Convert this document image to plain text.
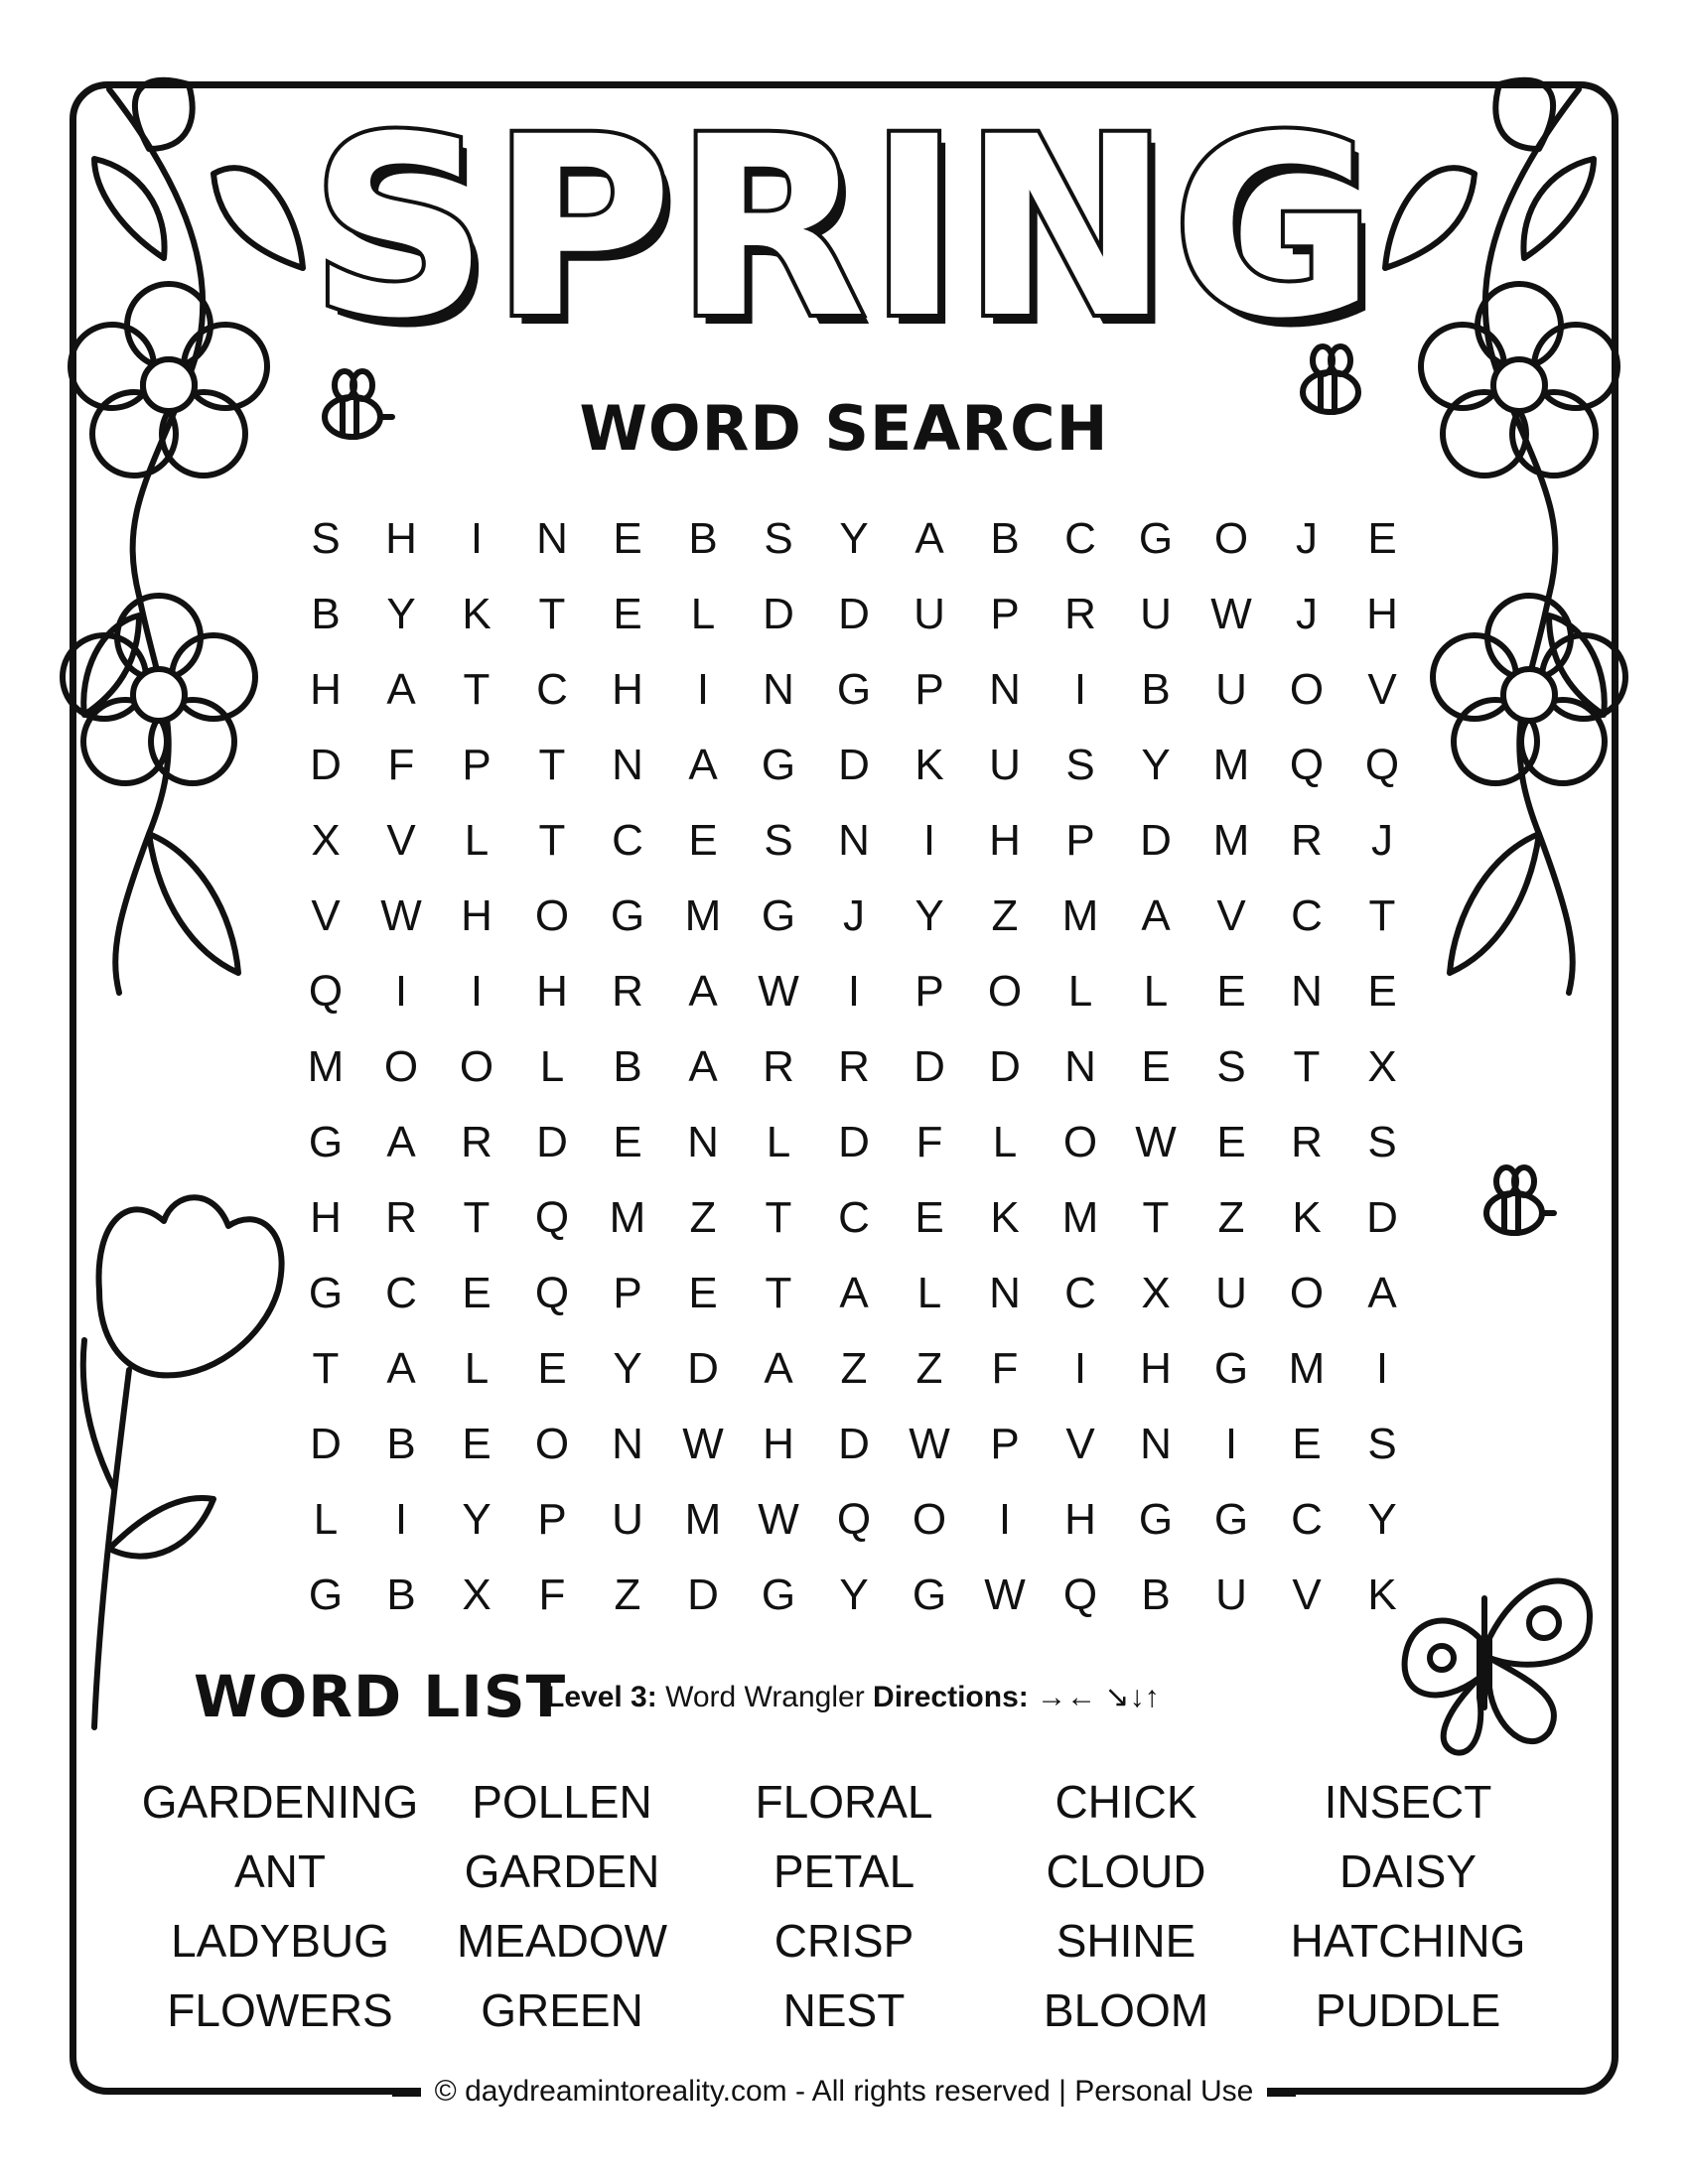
SPRING
WORD SEARCH
S	H	I	N	E	B	S	Y	A	B	C G O	J	E
B	Y	K	T	E	L	D	D	U	P	R	U W	J	H
H	A	T	C	H	I	N G	P	N	I	B	U O	V
D	F	P	T	N	A	G D	K	U	S	Y M Q Q
X	V	L	T	C	E	S	N	I	H	P	D M R	J
V W H O G M G	J	Y	Z	M A	V	C	T
Q	I	I	H	R	A W	I	P	O	L	L	E	N	E
M O O	L	B	A	R	R	D	D	N	E	S	T	X
G	A	R	D	E	N	L	D	F	L	O W E	R	S
H	R	T	Q M	Z	T	C	E	K M	T	Z	K	D
G C	E	Q	P	E	T	A	L	N	C	X	U O	A
T	A	L	E	Y	D	A	Z	Z	F	I	H G M	I
D	B	E	O N W H	D W P	V	N	I	E	S
L	I	Y	P	U M W Q O	I	H G G C	Y
G	B	X	F	Z	D G	Y	G W Q	B	U	V	K
WORD LIST
Level 3: Word Wrangler Directions: →← ↘↓↑
GARDENING	POLLEN	FLORAL	CHICK	INSECT
ANT	GARDEN	PETAL	CLOUD	DAISY
LADYBUG	MEADOW	CRISP	SHINE	HATCHING
FLOWERS	GREEN	NEST	BLOOM	PUDDLE
© daydreamintoreality.com - All rights reserved | Personal Use
